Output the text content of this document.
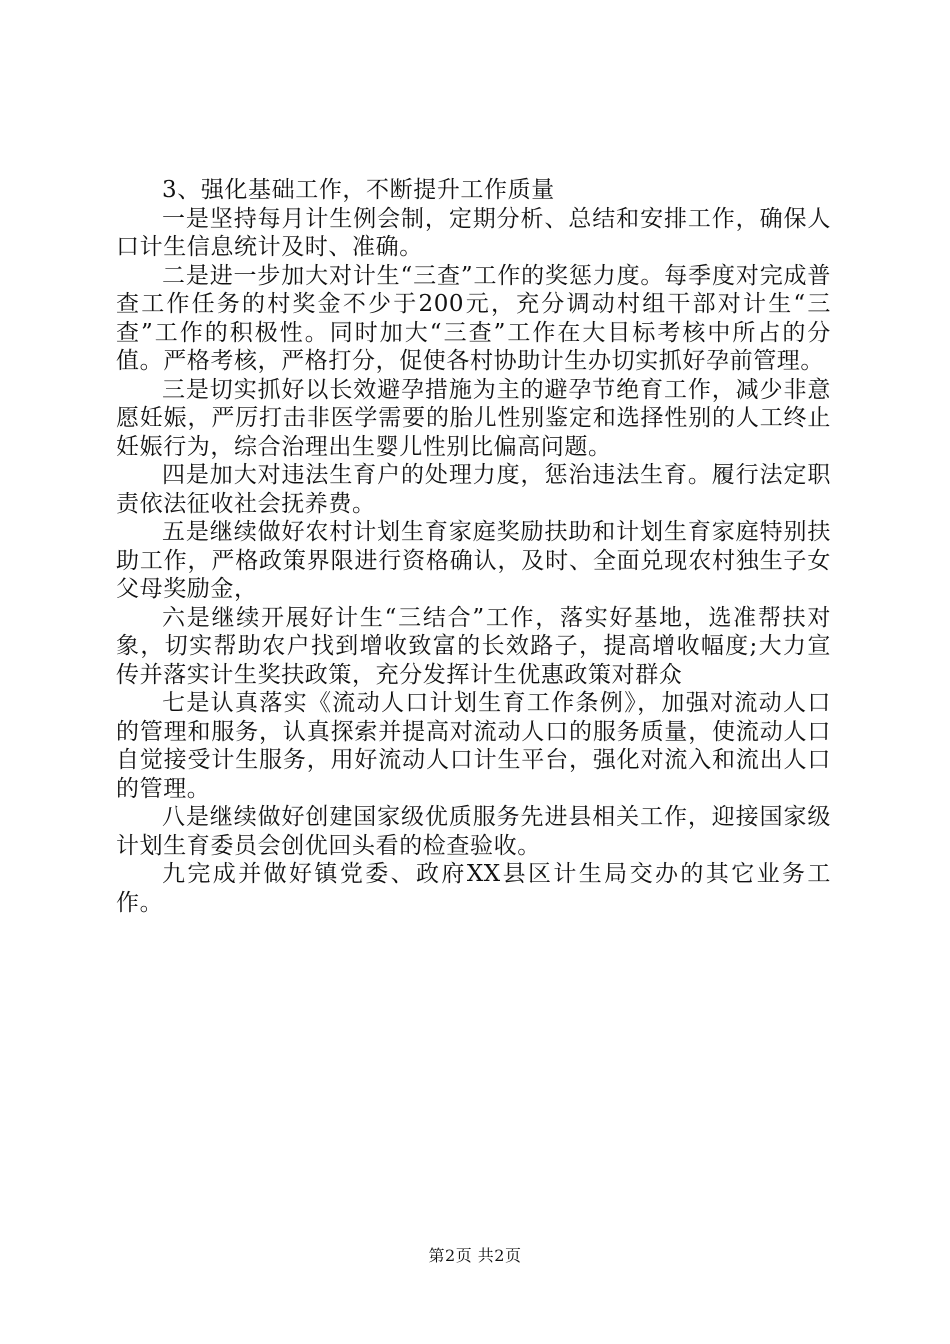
3、强化基础工作，不断提升工作质量

一是坚持每月计生例会制，定期分析、总结和安排工作，确保人口计生信息统计及时、准确。

二是进一步加大对计生“三查”工作的奖惩力度。每季度对完成普查工作任务的村奖金不少于200元，充分调动村组干部对计生“三查”工作的积极性。同时加大“三查”工作在大目标考核中所占的分值。严格考核，严格打分，促使各村协助计生办切实抓好孕前管理。

三是切实抓好以长效避孕措施为主的避孕节绝育工作，减少非意愿妊娠，严厉打击非医学需要的胎儿性别鉴定和选择性别的人工终止妊娠行为，综合治理出生婴儿性别比偏高问题。

四是加大对违法生育户的处理力度，惩治违法生育。履行法定职责依法征收社会抚养费。

五是继续做好农村计划生育家庭奖励扶助和计划生育家庭特别扶助工作，严格政策界限进行资格确认，及时、全面兑现农村独生子女父母奖励金，

六是继续开展好计生“三结合”工作，落实好基地，选准帮扶对象，切实帮助农户找到增收致富的长效路子，提高增收幅度;大力宣传并落实计生奖扶政策，充分发挥计生优惠政策对群众

七是认真落实《流动人口计划生育工作条例》，加强对流动人口的管理和服务，认真探索并提高对流动人口的服务质量，使流动人口自觉接受计生服务，用好流动人口计生平台，强化对流入和流出人口的管理。

八是继续做好创建国家级优质服务先进县相关工作，迎接国家级计划生育委员会创优回头看的检查验收。

九完成并做好镇党委、政府XX县区计生局交办的其它业务工作。

第2页 共2页
